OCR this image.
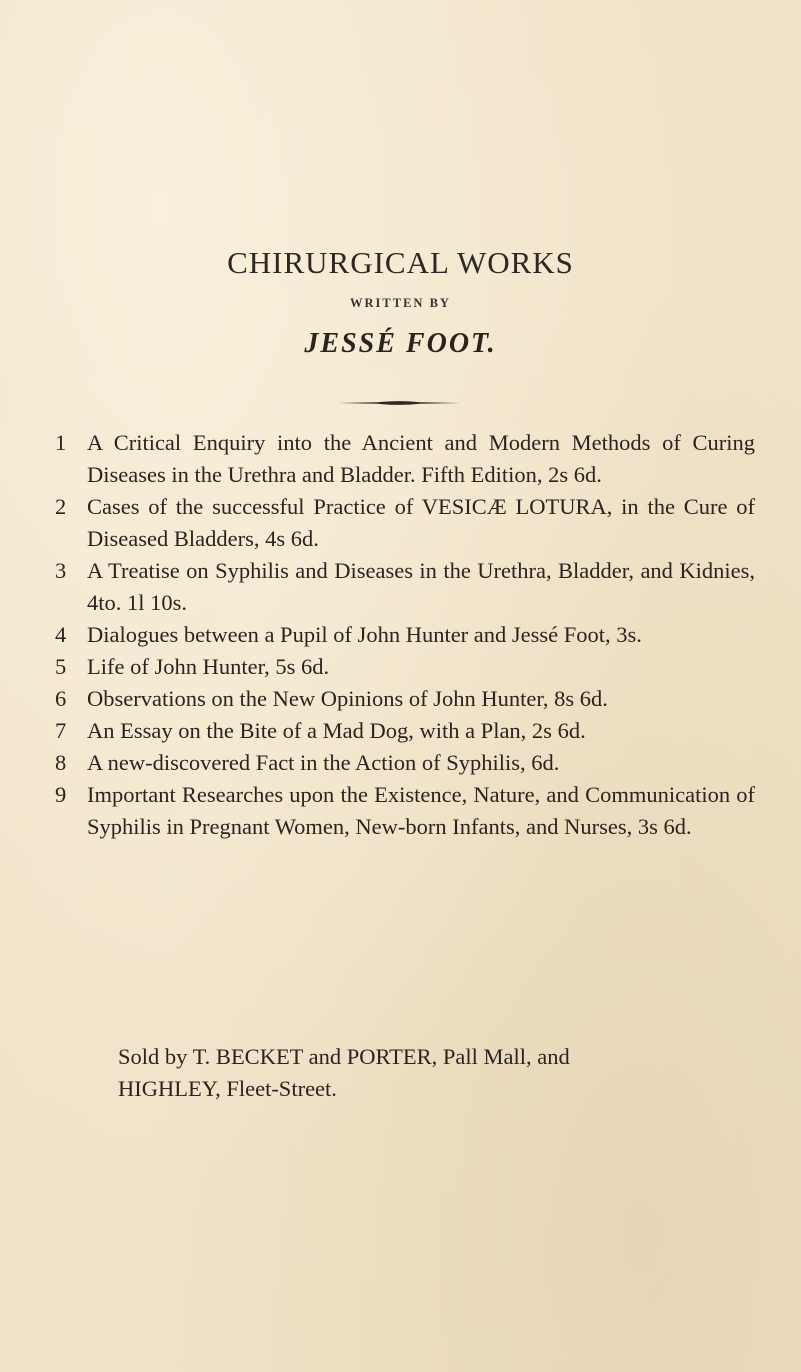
CHIRURGICAL WORKS
WRITTEN BY
JESSÉ FOOT.
1 A Critical Enquiry into the Ancient and Modern Methods of Curing Diseases in the Urethra and Bladder. Fifth Edition, 2s 6d.
2 Cases of the successful Practice of VESICÆ LOTURA, in the Cure of Diseased Bladders, 4s 6d.
3 A Treatise on Syphilis and Diseases in the Urethra, Bladder, and Kidnies, 4to. 1l 10s.
4 Dialogues between a Pupil of John Hunter and Jessé Foot, 3s.
5 Life of John Hunter, 5s 6d.
6 Observations on the New Opinions of John Hunter, 8s 6d.
7 An Essay on the Bite of a Mad Dog, with a Plan, 2s 6d.
8 A new-discovered Fact in the Action of Syphilis, 6d.
9 Important Researches upon the Existence, Nature, and Communication of Syphilis in Pregnant Women, New-born Infants, and Nurses, 3s 6d.
Sold by T. BECKET and PORTER, Pall Mall, and
HIGHLEY, Fleet-Street.
